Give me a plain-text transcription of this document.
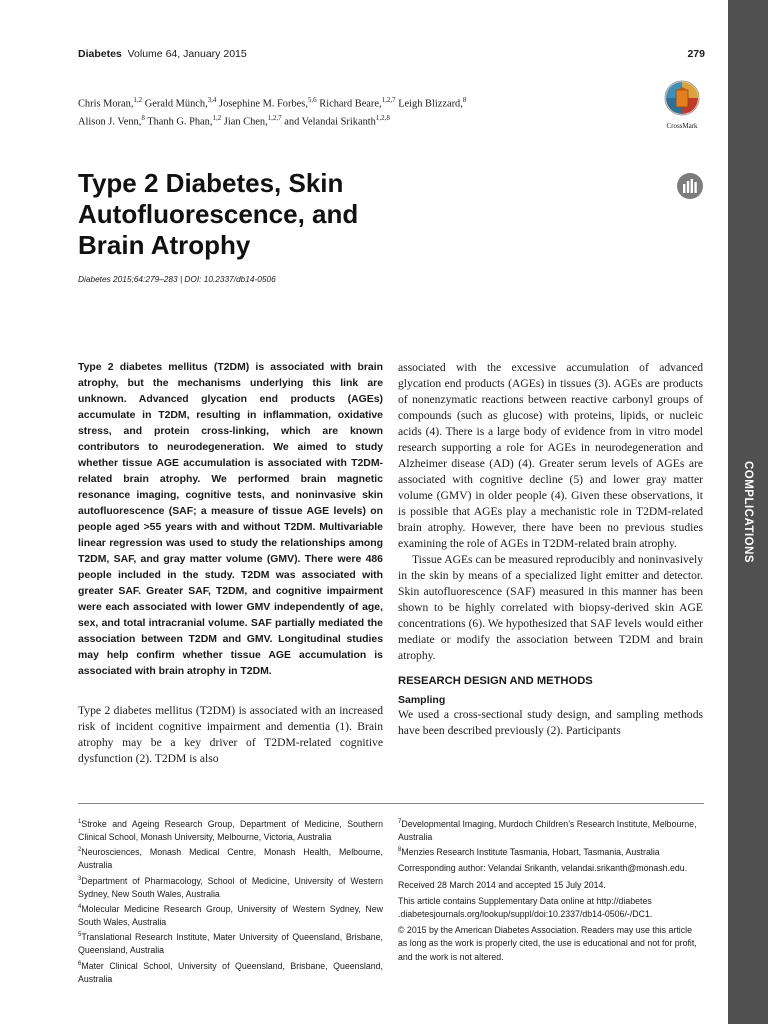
COMPLICATIONS
Diabetes Volume 64, January 2015	279
Chris Moran,$^{1,2}$ Gerald Münch,$^{3,4}$ Josephine M. Forbes,$^{5,6}$ Richard Beare,$^{1,2,7}$ Leigh Blizzard,$^8$
Alison J. Venn,$^8$ Thanh G. Phan,$^{1,2}$ Jian Chen,$^{1,2,7}$ and Velandai Srikanth$^{1,2,8}$
CrossMark
Type 2 Diabetes, Skin
Autofluorescence, and
Brain Atrophy
Diabetes 2015;64:279–283 | DOI: 10.2337/db14-0506
Type 2 diabetes mellitus (T2DM) is associated with brain atrophy, but the mechanisms underlying this link are unknown. Advanced glycation end products (AGEs) accumulate in T2DM, resulting in inflammation, oxidative stress, and protein cross-linking, which are known contributors to neurodegeneration. We aimed to study whether tissue AGE accumulation is associated with T2DM-related brain atrophy. We performed brain magnetic resonance imaging, cognitive tests, and noninvasive skin autofluorescence (SAF; a measure of tissue AGE levels) on people aged >55 years with and without T2DM. Multivariable linear regression was used to study the relationships among T2DM, SAF, and gray matter volume (GMV). There were 486 people included in the study. T2DM was associated with greater SAF. Greater SAF, T2DM, and cognitive impairment were each associated with lower GMV independently of age, sex, and total intracranial volume. SAF partially mediated the association between T2DM and GMV. Longitudinal studies may help confirm whether tissue AGE accumulation is associated with brain atrophy in T2DM.
Type 2 diabetes mellitus (T2DM) is associated with an increased risk of incident cognitive impairment and dementia (1). Brain atrophy may be a key driver of T2DM-related cognitive dysfunction (2). T2DM is also

associated with the excessive accumulation of advanced glycation end products (AGEs) in tissues (3). AGEs are products of nonenzymatic reactions between reactive carbonyl groups of compounds (such as glucose) with proteins, lipids, or nucleic acids (4). There is a large body of evidence from in vitro model research supporting a role for AGEs in neurodegeneration and Alzheimer disease (AD) (4). Greater serum levels of AGEs are associated with cognitive decline (5) and lower gray matter volume (GMV) in older people (4). Given these observations, it is possible that AGEs play a mechanistic role in T2DM-related brain atrophy. However, there have been no previous studies examining the role of AGEs in T2DM-related brain atrophy.

Tissue AGEs can be measured reproducibly and noninvasively in the skin by means of a specialized light emitter and detector. Skin autofluorescence (SAF) measured in this manner has been shown to be highly correlated with biopsy-derived skin AGE concentrations (6). We hypothesized that SAF levels would either mediate or modify the association between T2DM and brain atrophy.

RESEARCH DESIGN AND METHODS
Sampling

We used a cross-sectional study design, and sampling methods have been described previously (2). Participants

$^1$Stroke and Ageing Research Group, Department of Medicine, Southern Clinical School, Monash University, Melbourne, Victoria, Australia
$^2$Neurosciences, Monash Medical Centre, Monash Health, Melbourne, Australia
$^3$Department of Pharmacology, School of Medicine, University of Western Sydney, New South Wales, Australia
$^4$Molecular Medicine Research Group, University of Western Sydney, New South Wales, Australia
$^5$Translational Research Institute, Mater University of Queensland, Brisbane, Queensland, Australia
$^6$Mater Clinical School, University of Queensland, Brisbane, Queensland, Australia
$^7$Developmental Imaging, Murdoch Children’s Research Institute, Melbourne, Australia
$^8$Menzies Research Institute Tasmania, Hobart, Tasmania, Australia
Corresponding author: Velandai Srikanth, velandai.srikanth@monash.edu.
Received 28 March 2014 and accepted 15 July 2014.
This article contains Supplementary Data online at http://diabetes .diabetesjournals.org/lookup/suppl/doi:10.2337/db14-0506/-/DC1.
© 2015 by the American Diabetes Association. Readers may use this article as long as the work is properly cited, the use is educational and not for profit, and the work is not altered.
